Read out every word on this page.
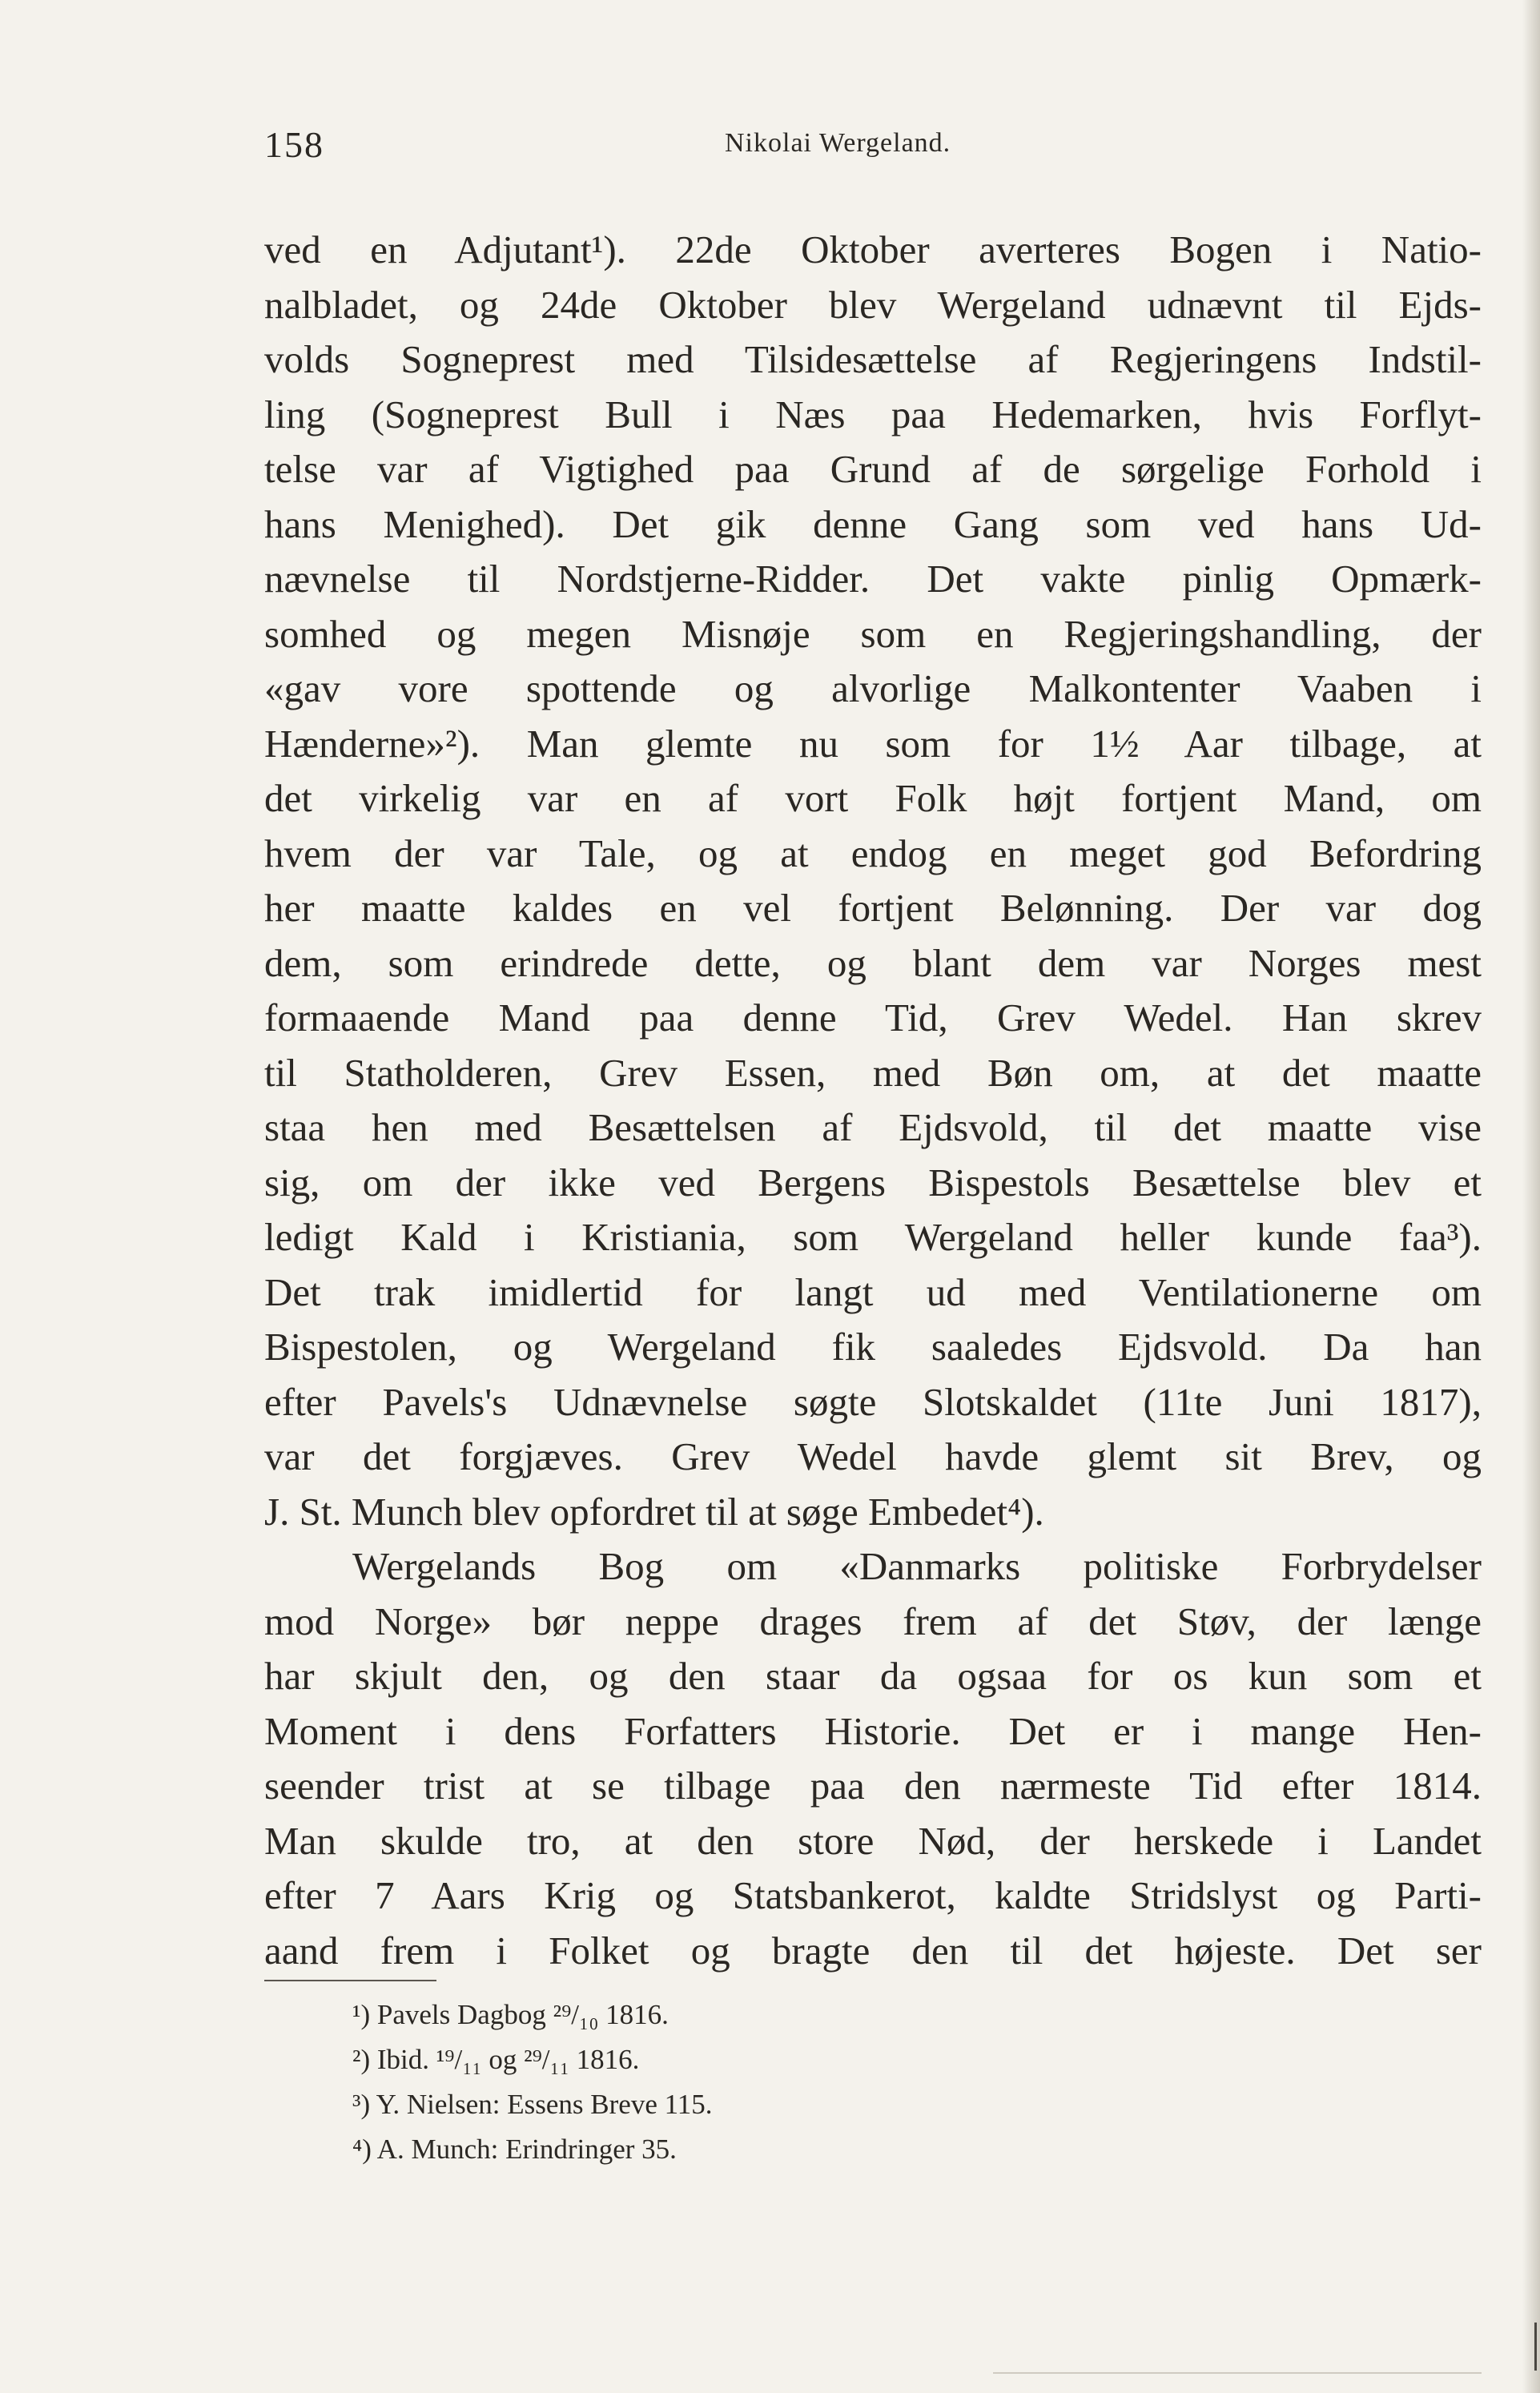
158	Nikolai Wergeland.
ved en Adjutant¹). 22de Oktober averteres Bogen i Natio-
nalbladet, og 24de Oktober blev Wergeland udnævnt til Ejds-
volds Sogneprest med Tilsidesættelse af Regjeringens Indstil-
ling (Sogneprest Bull i Næs paa Hedemarken, hvis Forflyt-
telse var af Vigtighed paa Grund af de sørgelige Forhold i
hans Menighed). Det gik denne Gang som ved hans Ud-
nævnelse til Nordstjerne-Ridder. Det vakte pinlig Opmærk-
somhed og megen Misnøje som en Regjeringshandling, der
«gav vore spottende og alvorlige Malkontenter Vaaben i
Hænderne»²). Man glemte nu som for 1½ Aar tilbage, at
det virkelig var en af vort Folk højt fortjent Mand, om
hvem der var Tale, og at endog en meget god Befordring
her maatte kaldes en vel fortjent Belønning. Der var dog
dem, som erindrede dette, og blant dem var Norges mest
formaaende Mand paa denne Tid, Grev Wedel. Han skrev
til Statholderen, Grev Essen, med Bøn om, at det maatte
staa hen med Besættelsen af Ejdsvold, til det maatte vise
sig, om der ikke ved Bergens Bispestols Besættelse blev et
ledigt Kald i Kristiania, som Wergeland heller kunde faa³).
Det trak imidlertid for langt ud med Ventilationerne om
Bispestolen, og Wergeland fik saaledes Ejdsvold. Da han
efter Pavels's Udnævnelse søgte Slotskaldet (11te Juni 1817),
var det forgjæves. Grev Wedel havde glemt sit Brev, og
J. St. Munch blev opfordret til at søge Embedet⁴).
Wergelands Bog om «Danmarks politiske Forbrydelser
mod Norge» bør neppe drages frem af det Støv, der længe
har skjult den, og den staar da ogsaa for os kun som et
Moment i dens Forfatters Historie. Det er i mange Hen-
seender trist at se tilbage paa den nærmeste Tid efter 1814.
Man skulde tro, at den store Nød, der herskede i Landet
efter 7 Aars Krig og Statsbankerot, kaldte Stridslyst og Parti-
aand frem i Folket og bragte den til det højeste. Det ser
¹) Pavels Dagbog ²⁹/₁₀ 1816.
²) Ibid. ¹⁹/₁₁ og ²⁹/₁₁ 1816.
³) Y. Nielsen: Essens Breve 115.
⁴) A. Munch: Erindringer 35.
